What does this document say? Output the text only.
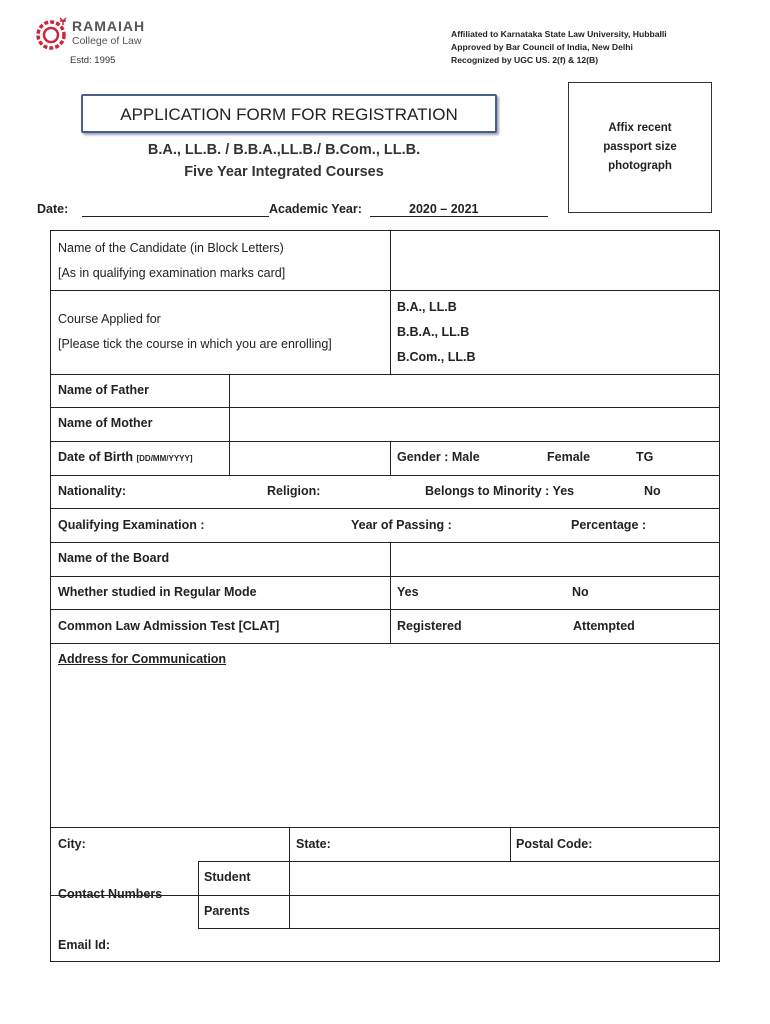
RAMAIAH
College of Law
Estd: 1995
Affiliated to Karnataka State Law University, Hubballi
Approved by Bar Council of India, New Delhi
Recognized by UGC US. 2(f) & 12(B)
APPLICATION FORM FOR REGISTRATION
B.A., LL.B. / B.B.A.,LL.B./ B.Com., LL.B.
Five Year Integrated Courses
Affix recent
passport size
photograph
Date:	Academic Year:	2020 – 2021
Name of the Candidate (in Block Letters)
[As in qualifying examination marks card]
Course Applied for
[Please tick the course in which you are enrolling]
B.A., LL.B
B.B.A., LL.B
B.Com., LL.B
Name of Father
Name of Mother
Date of Birth [DD/MM/YYYY]	Gender : Male	Female	TG
Nationality:	Religion:	Belongs to Minority : Yes	No
Qualifying Examination :	Year of Passing :	Percentage :
Name of the Board
Whether studied in Regular Mode	Yes	No
Common Law Admission Test [CLAT]	Registered	Attempted
Address for Communication
City:	State:	Postal Code:
Contact Numbers
Student
Parents
Email Id:
